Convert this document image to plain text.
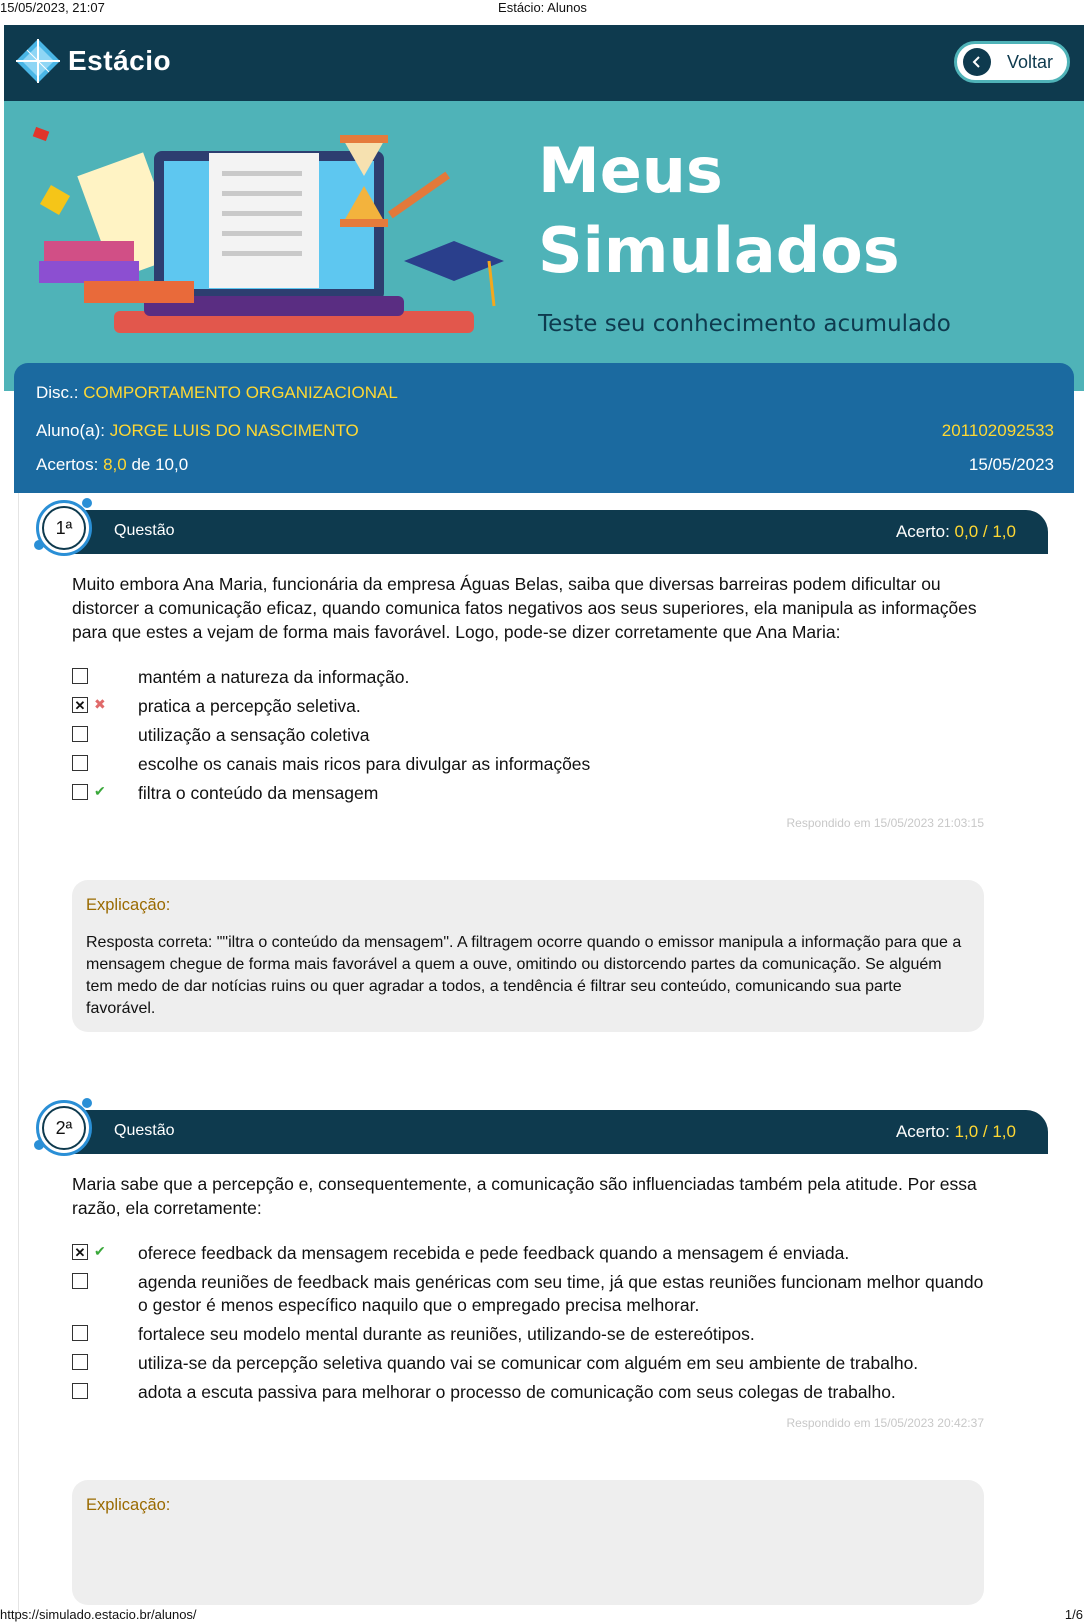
15/05/2023, 21:07	Estácio: Alunos
Estácio	Voltar
Meus
Simulados
Teste seu conhecimento acumulado
Disc.: COMPORTAMENTO ORGANIZACIONAL
Aluno(a): JORGE LUIS DO NASCIMENTO	201102092533
Acertos: 8,0 de 10,0	15/05/2023
1ª	Questão	Acerto: 0,0 / 1,0
Muito embora Ana Maria, funcionária da empresa Águas Belas, saiba que diversas barreiras podem dificultar ou distorcer a comunicação eficaz, quando comunica fatos negativos aos seus superiores, ela manipula as informações para que estes a vejam de forma mais favorável. Logo, pode-se dizer corretamente que Ana Maria:
mantém a natureza da informação.
✕ ✖ pratica a percepção seletiva.
utilização a sensação coletiva
escolhe os canais mais ricos para divulgar as informações
✔ filtra o conteúdo da mensagem
Respondido em 15/05/2023 21:03:15
Explicação:
Resposta correta: ""iltra o conteúdo da mensagem". A filtragem ocorre quando o emissor manipula a informação para que a mensagem chegue de forma mais favorável a quem a ouve, omitindo ou distorcendo partes da comunicação. Se alguém tem medo de dar notícias ruins ou quer agradar a todos, a tendência é filtrar seu conteúdo, comunicando sua parte favorável.
2ª	Questão	Acerto: 1,0 / 1,0
Maria sabe que a percepção e, consequentemente, a comunicação são influenciadas também pela atitude. Por essa razão, ela corretamente:
✕ ✔ oferece feedback da mensagem recebida e pede feedback quando a mensagem é enviada.
agenda reuniões de feedback mais genéricas com seu time, já que estas reuniões funcionam melhor quando o gestor é menos específico naquilo que o empregado precisa melhorar.
fortalece seu modelo mental durante as reuniões, utilizando-se de estereótipos.
utiliza-se da percepção seletiva quando vai se comunicar com alguém em seu ambiente de trabalho.
adota a escuta passiva para melhorar o processo de comunicação com seus colegas de trabalho.
Respondido em 15/05/2023 20:42:37
Explicação:
https://simulado.estacio.br/alunos/	1/6
